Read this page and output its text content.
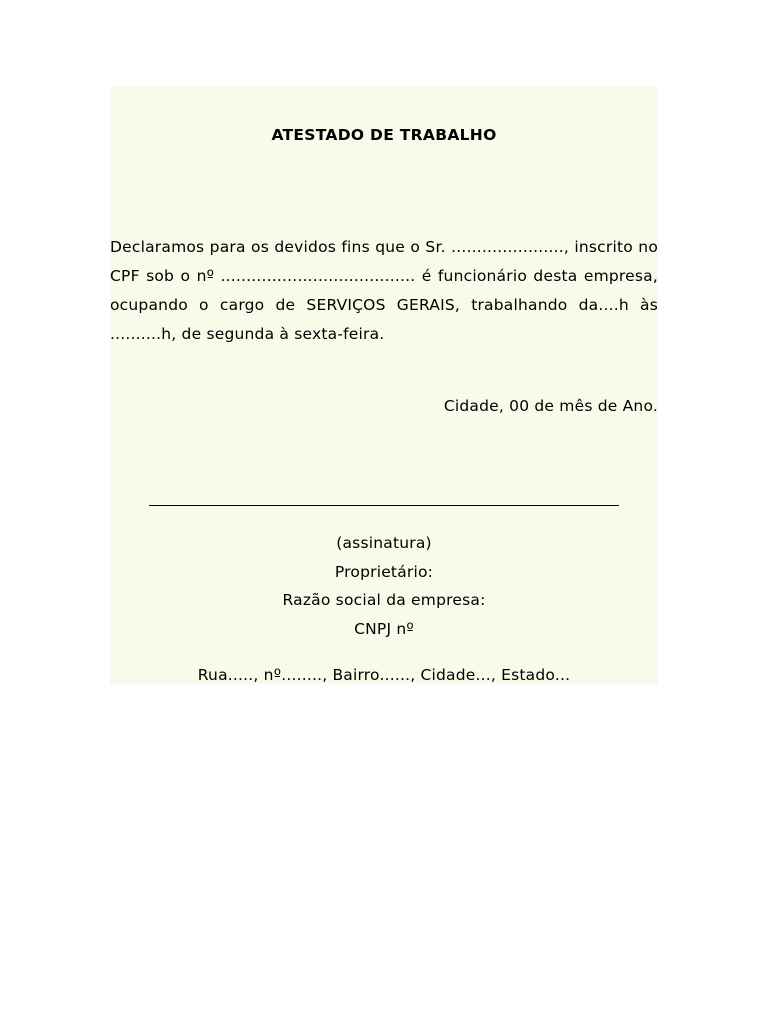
ATESTADO DE TRABALHO
Declaramos para os devidos fins que o Sr. ......................, inscrito no CPF sob o nº ...................................... é funcionário desta empresa, ocupando o cargo de SERVIÇOS GERAIS, trabalhando da....h às ..........h, de segunda à sexta-feira.
Cidade, 00 de mês de Ano.
(assinatura)
Proprietário:
Razão social da empresa:
CNPJ nº
Rua....., nº........, Bairro......, Cidade..., Estado...
